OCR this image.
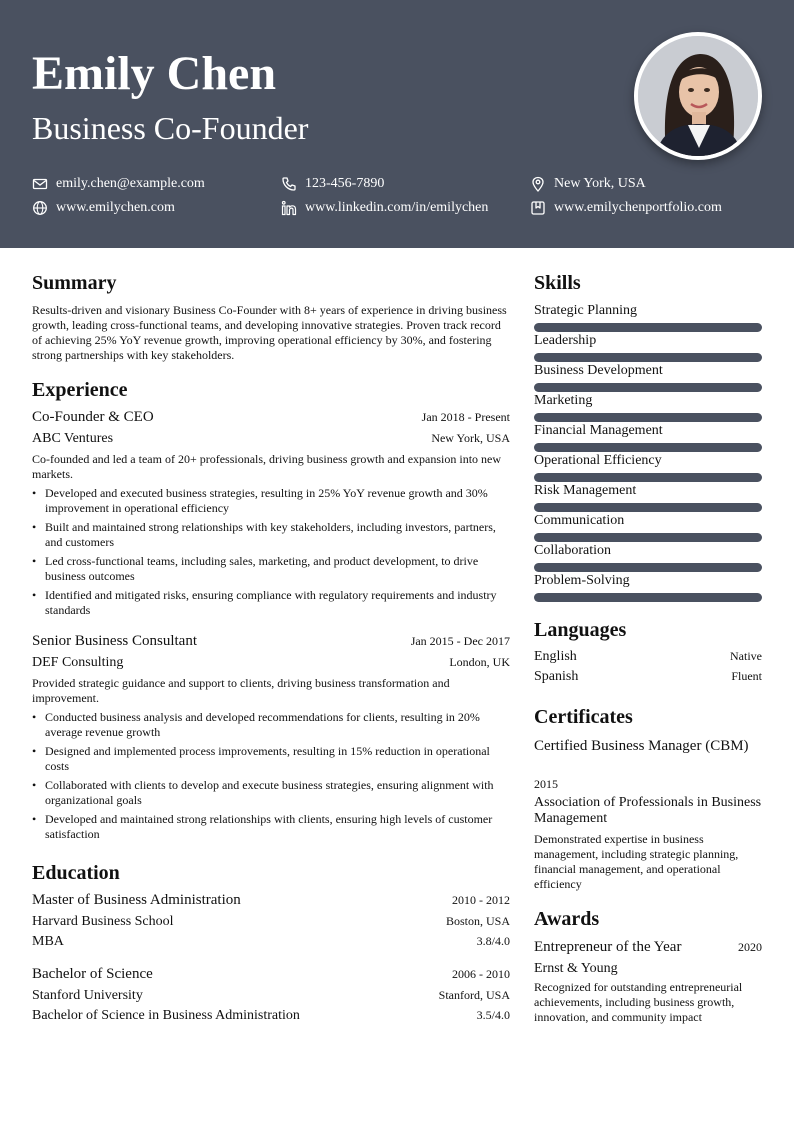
Emily Chen
Business Co-Founder
emily.chen@example.com	123-456-7890	New York, USA
www.emilychen.com	www.linkedin.com/in/emilychen	www.emilychenportfolio.com
Summary
Results-driven and visionary Business Co-Founder with 8+ years of experience in driving business growth, leading cross-functional teams, and developing innovative strategies. Proven track record of achieving 25% YoY revenue growth, improving operational efficiency by 30%, and fostering strong partnerships with key stakeholders.
Experience
Co-Founder & CEO	Jan 2018 - Present
ABC Ventures	New York, USA
Co-founded and led a team of 20+ professionals, driving business growth and expansion into new markets.
• Developed and executed business strategies, resulting in 25% YoY revenue growth and 30% improvement in operational efficiency
• Built and maintained strong relationships with key stakeholders, including investors, partners, and customers
• Led cross-functional teams, including sales, marketing, and product development, to drive business outcomes
• Identified and mitigated risks, ensuring compliance with regulatory requirements and industry standards
Senior Business Consultant	Jan 2015 - Dec 2017
DEF Consulting	London, UK
Provided strategic guidance and support to clients, driving business transformation and improvement.
• Conducted business analysis and developed recommendations for clients, resulting in 20% average revenue growth
• Designed and implemented process improvements, resulting in 15% reduction in operational costs
• Collaborated with clients to develop and execute business strategies, ensuring alignment with organizational goals
• Developed and maintained strong relationships with clients, ensuring high levels of customer satisfaction
Education
Master of Business Administration	2010 - 2012
Harvard Business School	Boston, USA
MBA	3.8/4.0
Bachelor of Science	2006 - 2010
Stanford University	Stanford, USA
Bachelor of Science in Business Administration	3.5/4.0
Skills
Strategic Planning
Leadership
Business Development
Marketing
Financial Management
Operational Efficiency
Risk Management
Communication
Collaboration
Problem-Solving
Languages
English	Native
Spanish	Fluent
Certificates
Certified Business Manager (CBM)
2015
Association of Professionals in Business Management
Demonstrated expertise in business management, including strategic planning, financial management, and operational efficiency
Awards
Entrepreneur of the Year	2020
Ernst & Young
Recognized for outstanding entrepreneurial achievements, including business growth, innovation, and community impact
